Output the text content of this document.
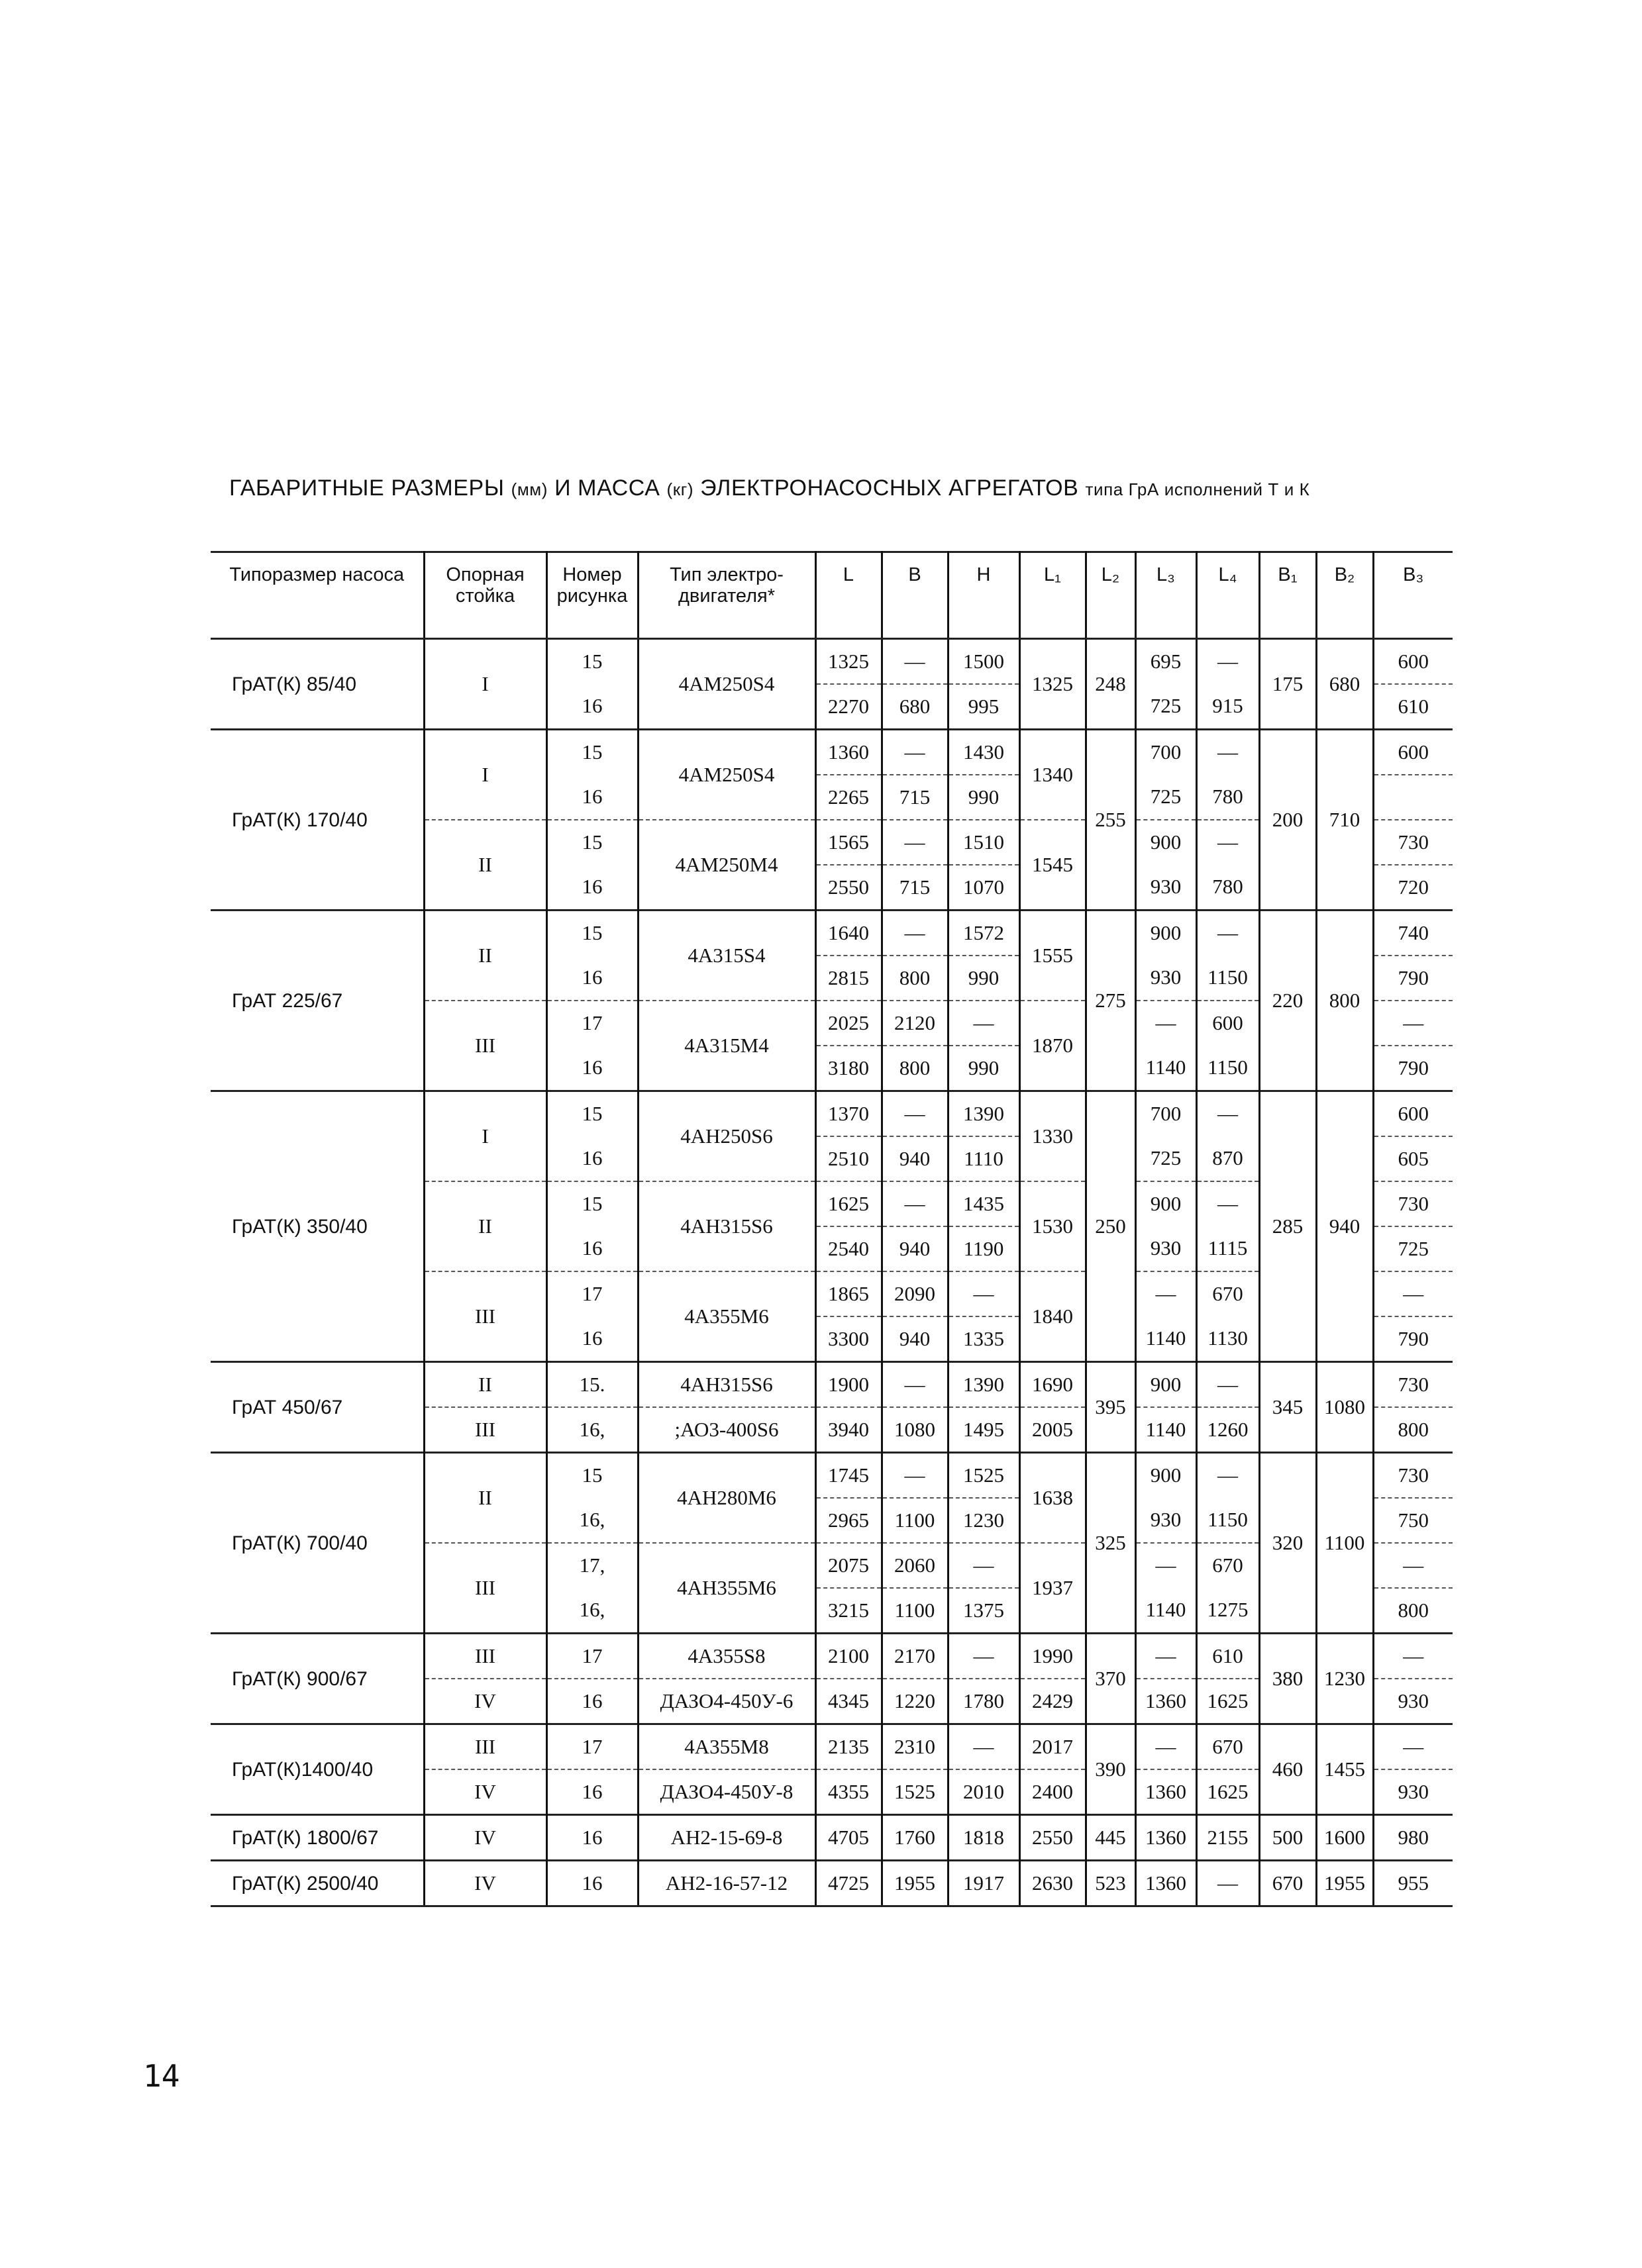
ГАБАРИТНЫЕ РАЗМЕРЫ (мм) И МАССА (кг) ЭЛЕКТРОНАСОСНЫХ АГРЕГАТОВ типа ГрА исполнений Т и К
Типоразмер насоса	Опорная стойка	Номер рисунка	Тип электро-двигателя*	L	B	H	L₁	L₂	L₃	L₄	B₁	B₂	B₃
ГрАТ(К) 85/40	I	15	4АМ250S4	1325	—	1500	1325	248	695	—	175	680	600
		16		2270	680	995			725	915			610
ГрАТ(К) 170/40	I	15	4АМ250S4	1360	—	1430	1340	255	700	—	200	710	600
		16		2265	715	990			725	780			
	II	15	4АМ250М4	1565	—	1510	1545		900	—			730
		16		2550	715	1070			930	780			720
ГрАТ 225/67	II	15	4А315S4	1640	—	1572	1555	275	900	—	220	800	740
		16		2815	800	990			930	1150			790
	III	17	4А315М4	2025	2120	—	1870		—	600			—
		16		3180	800	990			1140	1150			790
ГрАТ(К) 350/40	I	15	4АН250S6	1370	—	1390	1330	250	700	—	285	940	600
		16		2510	940	1110			725	870			605
	II	15	4АН315S6	1625	—	1435	1530		900	—			730
		16		2540	940	1190			930	1115			725
	III	17	4А355М6	1865	2090	—	1840		—	670			—
		16		3300	940	1335			1140	1130			790
ГрАТ 450/67	II	15.	4АН315S6	1900	—	1390	1690	395	900	—	345	1080	730
	III	16,	;АО3-400S6	3940	1080	1495	2005		1140	1260			800
ГрАТ(К) 700/40	II	15	4АН280М6	1745	—	1525	1638	325	900	—	320	1100	730
		16,		2965	1100	1230			930	1150			750
	III	17,	4АН355М6	2075	2060	—	1937		—	670			—
		16,		3215	1100	1375			1140	1275			800
ГрАТ(К) 900/67	III	17	4А355S8	2100	2170	—	1990	370	—	610	380	1230	—
	IV	16	ДАЗО4-450У-6	4345	1220	1780	2429		1360	1625			930
ГрАТ(К)1400/40	III	17	4А355М8	2135	2310	—	2017	390	—	670	460	1455	—
	IV	16	ДАЗО4-450У-8	4355	1525	2010	2400		1360	1625			930
ГрАТ(К) 1800/67	IV	16	АН2-15-69-8	4705	1760	1818	2550	445	1360	2155	500	1600	980
ГрАТ(К) 2500/40	IV	16	АН2-16-57-12	4725	1955	1917	2630	523	1360	—	670	1955	955
14
